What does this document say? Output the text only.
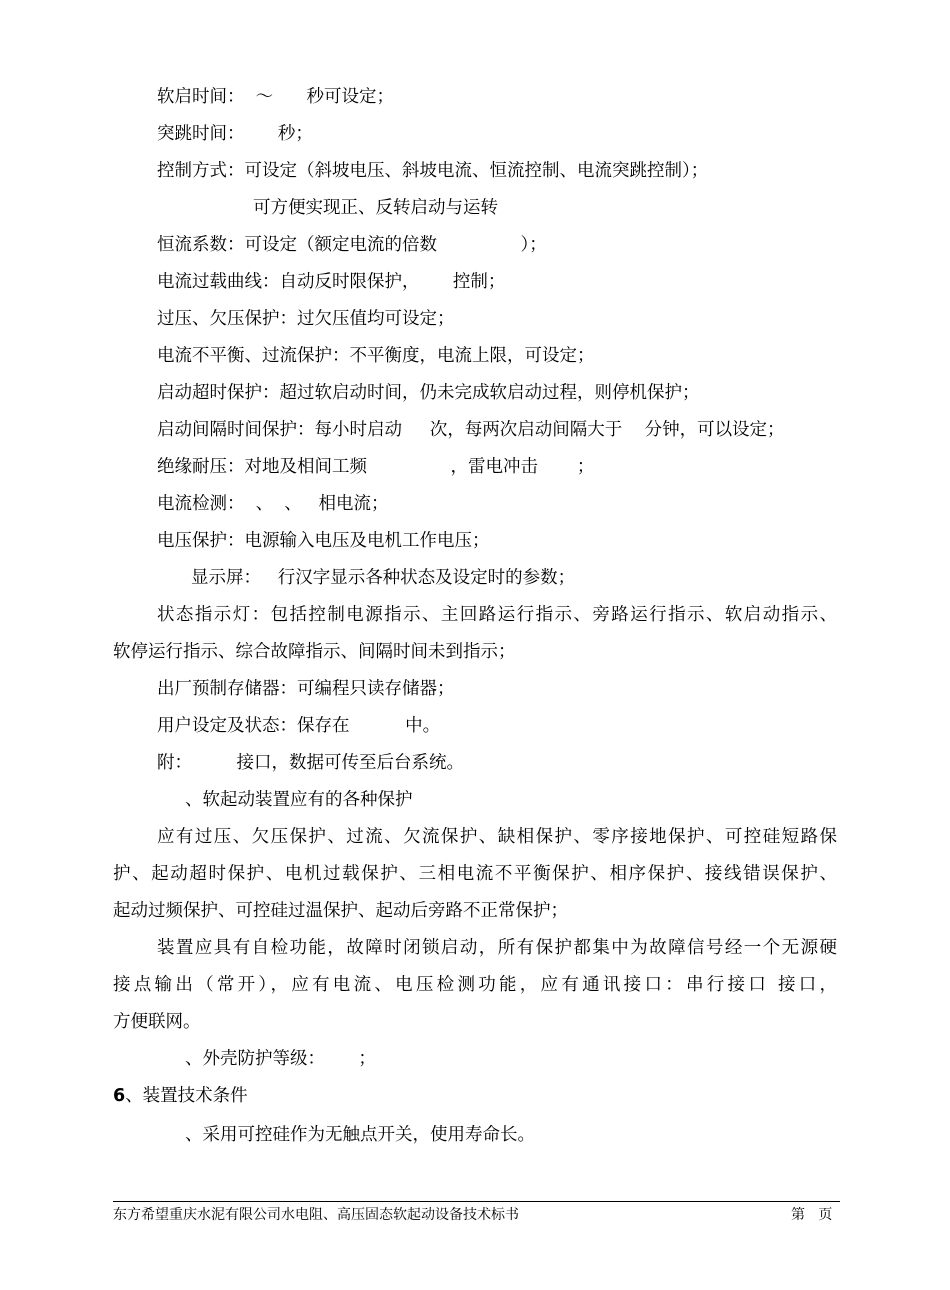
软启时间：  ～      秒可设定；

突跳时间：      秒；

控制方式：可设定（斜坡电压、斜坡电流、恒流控制、电流突跳控制）；

可方便实现正、反转启动与运转

恒流系数：可设定（额定电流的倍数               ）；

电流过载曲线：自动反时限保护，      控制；

过压、欠压保护：过欠压值均可设定；

电流不平衡、过流保护：不平衡度，电流上限，可设定；

启动超时保护：超过软启动时间，仍未完成软启动过程，则停机保护；

启动间隔时间保护：每小时启动     次，每两次启动间隔大于    分钟，可以设定；

绝缘耐压：对地及相间工频               ，雷电冲击       ；

电流检测：  、  、   相电流；

电压保护：电源输入电压及电机工作电压；

显示屏：   行汉字显示各种状态及设定时的参数；

状态指示灯：包括控制电源指示、主回路运行指示、旁路运行指示、软启动指示、

软停运行指示、综合故障指示、间隔时间未到指示；

出厂预制存储器：可编程只读存储器；

用户设定及状态：保存在          中。

附：        接口，数据可传至后台系统。

、软起动装置应有的各种保护

应有过压、欠压保护、过流、欠流保护、缺相保护、零序接地保护、可控硅短路保

护、起动超时保护、电机过载保护、三相电流不平衡保护、相序保护、接线错误保护、

起动过频保护、可控硅过温保护、起动后旁路不正常保护；

装置应具有自检功能，故障时闭锁启动，所有保护都集中为故障信号经一个无源硬

接点输出（常开），应有电流、电压检测功能，应有通讯接口：串行接口 接口，

方便联网。

、外壳防护等级：      ；

6、装置技术条件

、采用可控硅作为无触点开关，使用寿命长。

东方希望重庆水泥有限公司水电阻、高压固态软起动设备技术标书	第   页
